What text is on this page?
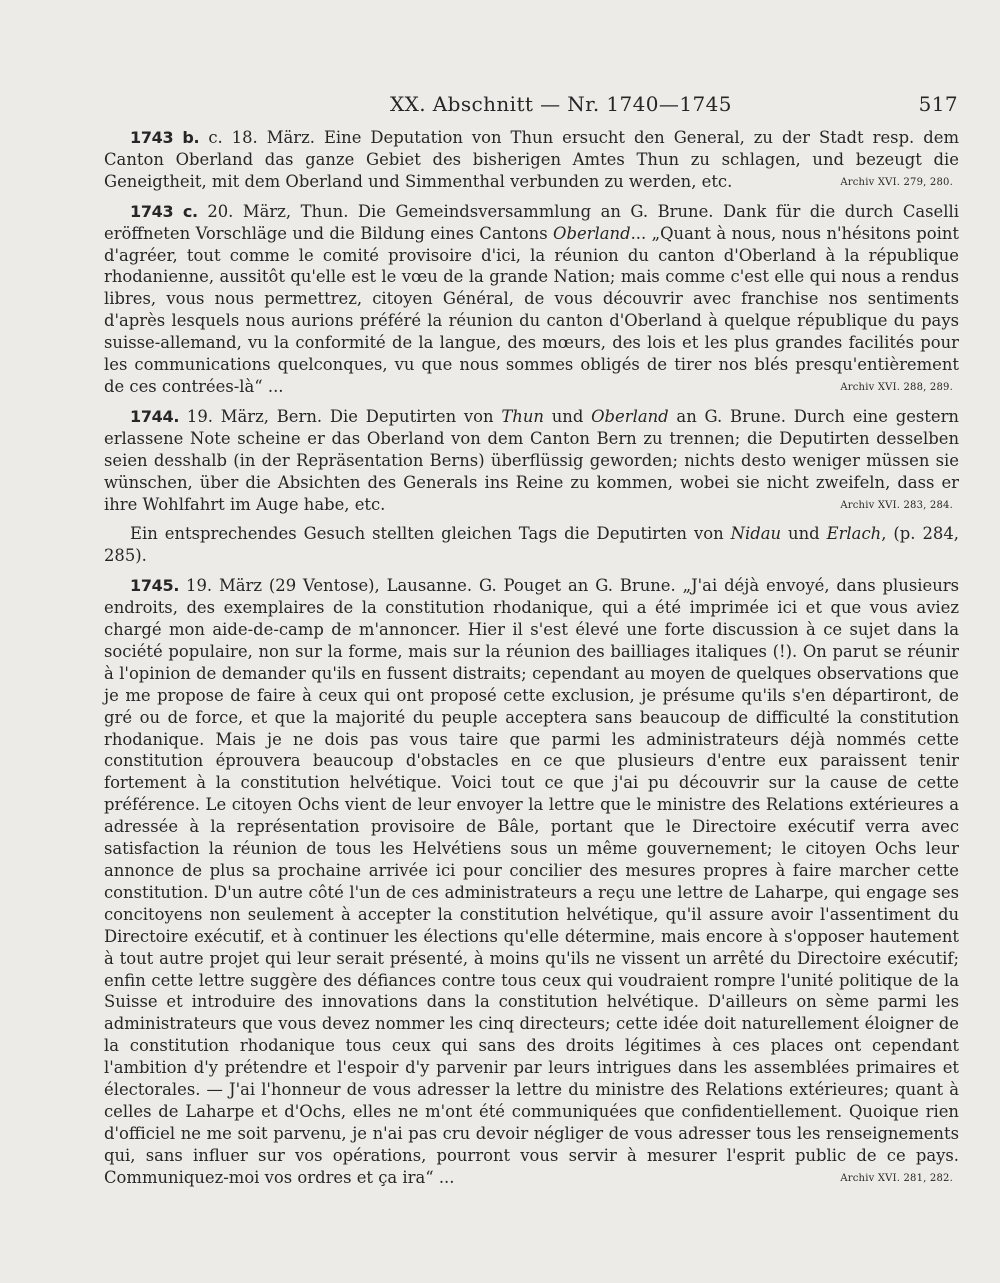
XX. Abschnitt — Nr. 1740—1745	517

1743 b. c. 18. März. Eine Deputation von Thun ersucht den General, zu der Stadt resp. dem Canton Oberland das ganze Gebiet des bisherigen Amtes Thun zu schlagen, und bezeugt die Geneigtheit, mit dem Oberland und Simmenthal verbunden zu werden, etc.	Archiv XVI. 279, 280.

1743 c. 20. März, Thun. Die Gemeindsversammlung an G. Brune. Dank für die durch Caselli eröffneten Vorschläge und die Bildung eines Cantons Oberland... „Quant à nous, nous n'hésitons point d'agréer, tout comme le comité provisoire d'ici, la réunion du canton d'Oberland à la république rhodanienne, aussitôt qu'elle est le vœu de la grande Nation; mais comme c'est elle qui nous a rendus libres, vous nous permettrez, citoyen Général, de vous découvrir avec franchise nos sentiments d'après lesquels nous aurions préféré la réunion du canton d'Oberland à quelque république du pays suisse-allemand, vu la conformité de la langue, des mœurs, des lois et les plus grandes facilités pour les communications quelconques, vu que nous sommes obligés de tirer nos blés presqu'entièrement de ces contrées-là“ ...	Archiv XVI. 288, 289.

1744. 19. März, Bern. Die Deputirten von Thun und Oberland an G. Brune. Durch eine gestern erlassene Note scheine er das Oberland von dem Canton Bern zu trennen; die Deputirten desselben seien desshalb (in der Repräsentation Berns) überflüssig geworden; nichts desto weniger müssen sie wünschen, über die Absichten des Generals ins Reine zu kommen, wobei sie nicht zweifeln, dass er ihre Wohlfahrt im Auge habe, etc.	Archiv XVI. 283, 284.

Ein entsprechendes Gesuch stellten gleichen Tags die Deputirten von Nidau und Erlach, (p. 284, 285).

1745. 19. März (29 Ventose), Lausanne. G. Pouget an G. Brune. „J'ai déjà envoyé, dans plusieurs endroits, des exemplaires de la constitution rhodanique, qui a été imprimée ici et que vous aviez chargé mon aide-de-camp de m'annoncer. Hier il s'est élevé une forte discussion à ce sujet dans la société populaire, non sur la forme, mais sur la réunion des bailliages italiques (!). On parut se réunir à l'opinion de demander qu'ils en fussent distraits; cependant au moyen de quelques observations que je me propose de faire à ceux qui ont proposé cette exclusion, je présume qu'ils s'en départiront, de gré ou de force, et que la majorité du peuple acceptera sans beaucoup de difficulté la constitution rhodanique. Mais je ne dois pas vous taire que parmi les administrateurs déjà nommés cette constitution éprouvera beaucoup d'obstacles en ce que plusieurs d'entre eux paraissent tenir fortement à la constitution helvétique. Voici tout ce que j'ai pu découvrir sur la cause de cette préférence. Le citoyen Ochs vient de leur envoyer la lettre que le ministre des Relations extérieures a adressée à la représentation provisoire de Bâle, portant que le Directoire exécutif verra avec satisfaction la réunion de tous les Helvétiens sous un même gouvernement; le citoyen Ochs leur annonce de plus sa prochaine arrivée ici pour concilier des mesures propres à faire marcher cette constitution. D'un autre côté l'un de ces administrateurs a reçu une lettre de Laharpe, qui engage ses concitoyens non seulement à accepter la constitution helvétique, qu'il assure avoir l'assentiment du Directoire exécutif, et à continuer les élections qu'elle détermine, mais encore à s'opposer hautement à tout autre projet qui leur serait présenté, à moins qu'ils ne vissent un arrêté du Directoire exécutif; enfin cette lettre suggère des défiances contre tous ceux qui voudraient rompre l'unité politique de la Suisse et introduire des innovations dans la constitution helvétique. D'ailleurs on sème parmi les administrateurs que vous devez nommer les cinq directeurs; cette idée doit naturellement éloigner de la constitution rhodanique tous ceux qui sans des droits légitimes à ces places ont cependant l'ambition d'y prétendre et l'espoir d'y parvenir par leurs intrigues dans les assemblées primaires et électorales. — J'ai l'honneur de vous adresser la lettre du ministre des Relations extérieures; quant à celles de Laharpe et d'Ochs, elles ne m'ont été communiquées que confidentiellement. Quoique rien d'officiel ne me soit parvenu, je n'ai pas cru devoir négliger de vous adresser tous les renseignements qui, sans influer sur vos opérations, pourront vous servir à mesurer l'esprit public de ce pays. Communiquez-moi vos ordres et ça ira“ ...	Archiv XVI. 281, 282.
